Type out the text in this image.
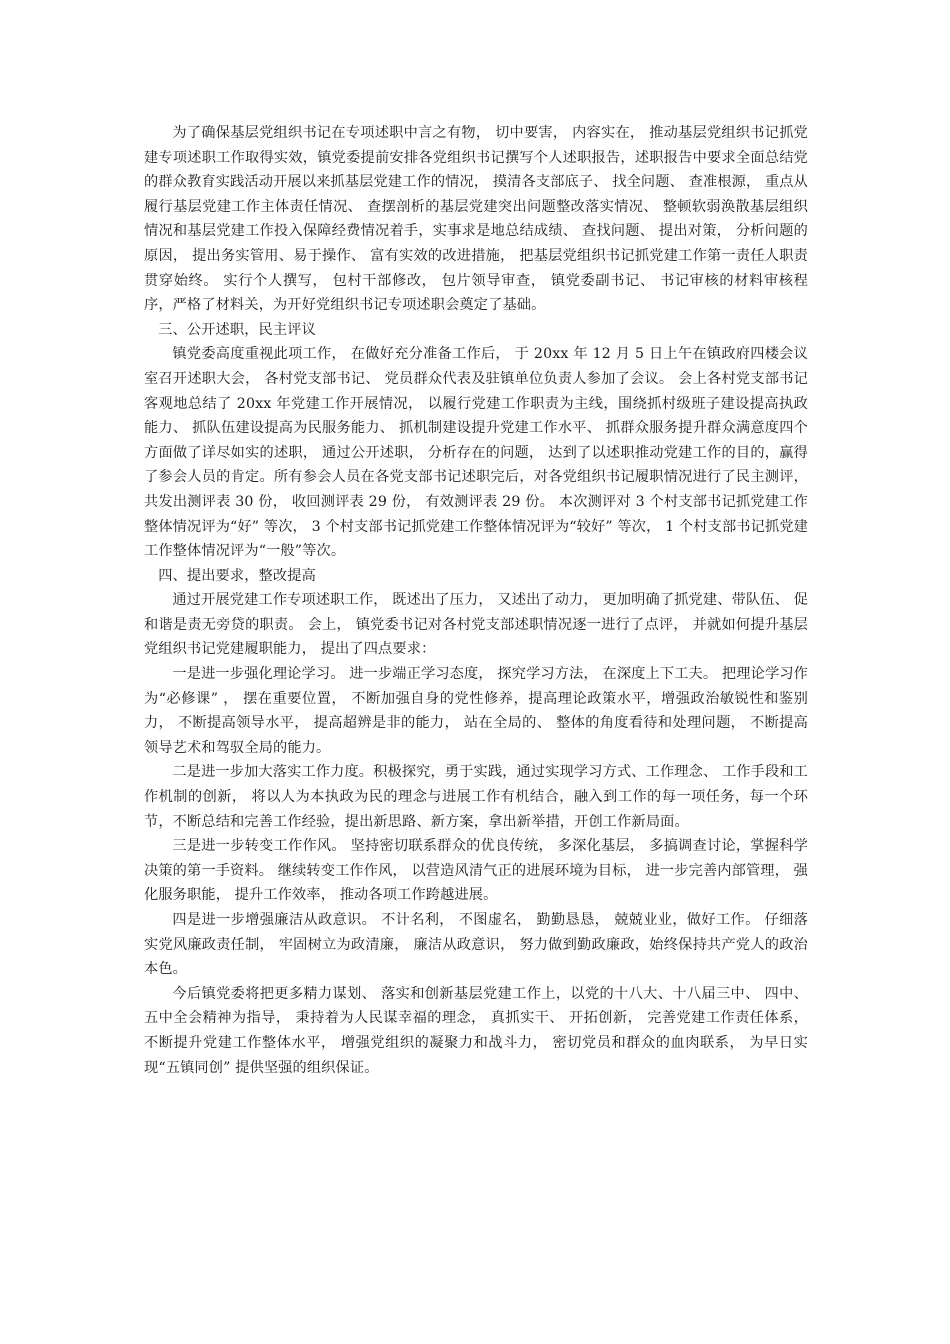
为了确保基层党组织书记在专项述职中言之有物， 切中要害， 内容实在， 推动基层党组织书记抓党建专项述职工作取得实效，镇党委提前安排各党组织书记撰写个人述职报告，述职报告中要求全面总结党的群众教育实践活动开展以来抓基层党建工作的情况， 摸清各支部底子、 找全问题、 查准根源， 重点从履行基层党建工作主体责任情况、 查摆剖析的基层党建突出问题整改落实情况、 整顿软弱涣散基层组织情况和基层党建工作投入保障经费情况着手，实事求是地总结成绩、 查找问题、 提出对策， 分析问题的原因， 提出务实管用、易于操作、 富有实效的改进措施， 把基层党组织书记抓党建工作第一责任人职责贯穿始终。 实行个人撰写， 包村干部修改， 包片领导审查， 镇党委副书记、 书记审核的材料审核程序，严格了材料关，为开好党组织书记专项述职会奠定了基础。

三、公开述职，民主评议

镇党委高度重视此项工作， 在做好充分准备工作后， 于 20xx 年 12 月 5 日上午在镇政府四楼会议室召开述职大会， 各村党支部书记、 党员群众代表及驻镇单位负责人参加了会议。 会上各村党支部书记客观地总结了 20xx 年党建工作开展情况， 以履行党建工作职责为主线，围绕抓村级班子建设提高执政能力、 抓队伍建设提高为民服务能力、 抓机制建设提升党建工作水平、 抓群众服务提升群众满意度四个方面做了详尽如实的述职， 通过公开述职， 分析存在的问题， 达到了以述职推动党建工作的目的，赢得了参会人员的肯定。所有参会人员在各党支部书记述职完后，对各党组织书记履职情况进行了民主测评， 共发出测评表 30 份， 收回测评表 29 份， 有效测评表 29 份。 本次测评对 3 个村支部书记抓党建工作整体情况评为“好” 等次， 3 个村支部书记抓党建工作整体情况评为“较好” 等次， 1 个村支部书记抓党建工作整体情况评为“一般”等次。

四、提出要求，整改提高

通过开展党建工作专项述职工作， 既述出了压力， 又述出了动力， 更加明确了抓党建、带队伍、 促和谐是责无旁贷的职责。 会上， 镇党委书记对各村党支部述职情况逐一进行了点评， 并就如何提升基层党组织书记党建履职能力， 提出了四点要求：

一是进一步强化理论学习。 进一步端正学习态度， 探究学习方法， 在深度上下工夫。 把理论学习作为“必修课” ， 摆在重要位置， 不断加强自身的党性修养，提高理论政策水平，增强政治敏锐性和鉴别力， 不断提高领导水平， 提高超辨是非的能力， 站在全局的、 整体的角度看待和处理问题， 不断提高领导艺术和驾驭全局的能力。

二是进一步加大落实工作力度。积极探究，勇于实践，通过实现学习方式、工作理念、 工作手段和工作机制的创新， 将以人为本执政为民的理念与进展工作有机结合，融入到工作的每一项任务，每一个环节，不断总结和完善工作经验，提出新思路、新方案，拿出新举措，开创工作新局面。

三是进一步转变工作作风。 坚持密切联系群众的优良传统， 多深化基层， 多搞调查讨论，掌握科学决策的第一手资料。 继续转变工作作风， 以营造风清气正的进展环境为目标， 进一步完善内部管理， 强化服务职能， 提升工作效率， 推动各项工作跨越进展。

四是进一步增强廉洁从政意识。 不计名利， 不图虚名， 勤勤恳恳， 兢兢业业，做好工作。 仔细落实党风廉政责任制， 牢固树立为政清廉， 廉洁从政意识， 努力做到勤政廉政，始终保持共产党人的政治本色。

今后镇党委将把更多精力谋划、 落实和创新基层党建工作上，以党的十八大、十八届三中、 四中、 五中全会精神为指导， 秉持着为人民谋幸福的理念， 真抓实干、 开拓创新， 完善党建工作责任体系， 不断提升党建工作整体水平， 增强党组织的凝聚力和战斗力， 密切党员和群众的血肉联系， 为早日实现“五镇同创” 提供坚强的组织保证。
